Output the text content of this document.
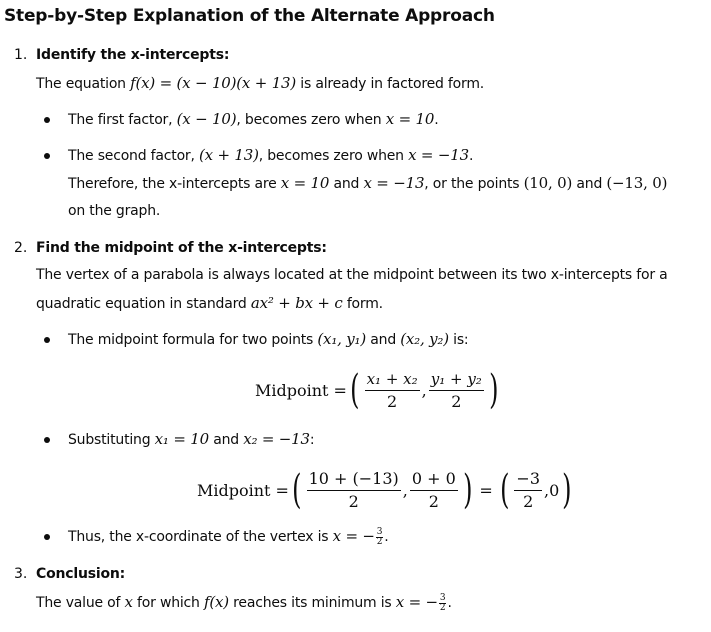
Step-by-Step Explanation of the Alternate Approach
1. Identify the x-intercepts:
The equation f(x) = (x − 10)(x + 13) is already in factored form.
The first factor, (x − 10), becomes zero when x = 10.
The second factor, (x + 13), becomes zero when x = −13.
Therefore, the x-intercepts are x = 10 and x = −13, or the points (10, 0) and (−13, 0)
on the graph.
2. Find the midpoint of the x-intercepts:
The vertex of a parabola is always located at the midpoint between its two x-intercepts for a
quadratic equation in standard ax² + bx + c form.
The midpoint formula for two points (x₁, y₁) and (x₂, y₂) is:
Midpoint = ( $\frac{\text{x₁ + x₂}}{2}$ , $\frac{\text{y₁ + y₂}}{2}$ )
Substituting x₁ = 10 and x₂ = −13:
Midpoint = ( $\frac{10 + (-13)}{2}$ , $\frac{0 + 0}{2}$ ) = ( $\frac{-3}{2}$ , 0 )
Thus, the x-coordinate of the vertex is x = − $\frac{3}{2}$ .
3. Conclusion:
The value of x for which f(x) reaches its minimum is x = − $\frac{3}{2}$ .
